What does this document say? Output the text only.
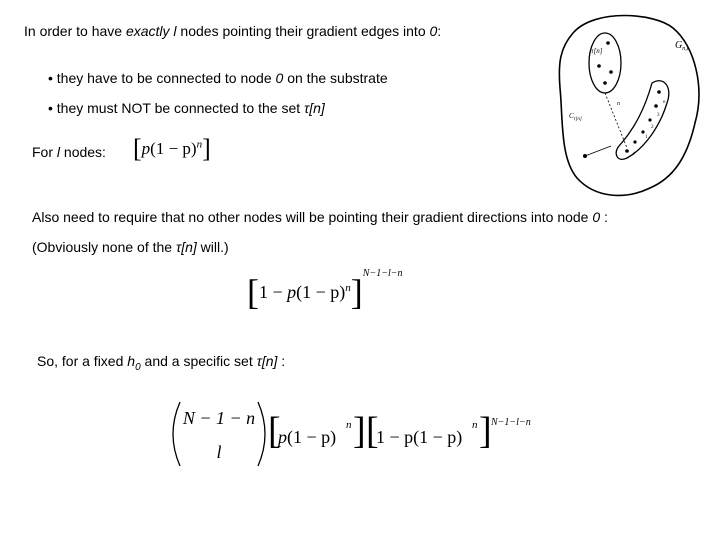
In order to have exactly l nodes pointing their gradient edges into 0:
• they have to be connected to node 0 on the substrate
• they must NOT be connected to the set τ[n]
For l nodes: $[p(1 - p)^n]$
Also need to require that no other nodes will be pointing their gradient directions into node 0 :
(Obviously none of the τ[n] will.)
$[1 - p(1 - p)^n]^{N-1-l-n}$
So, for a fixed $h_0$ and a specific set τ[n] :
N − 1 − n
l [
p(1 − p)
n ] [
1 − p(1 − p)
n ] N−1−l−n
$G_{n,t}$
τ[n]
n
$C_{\tau[n]}$
n
l
1
2
3
